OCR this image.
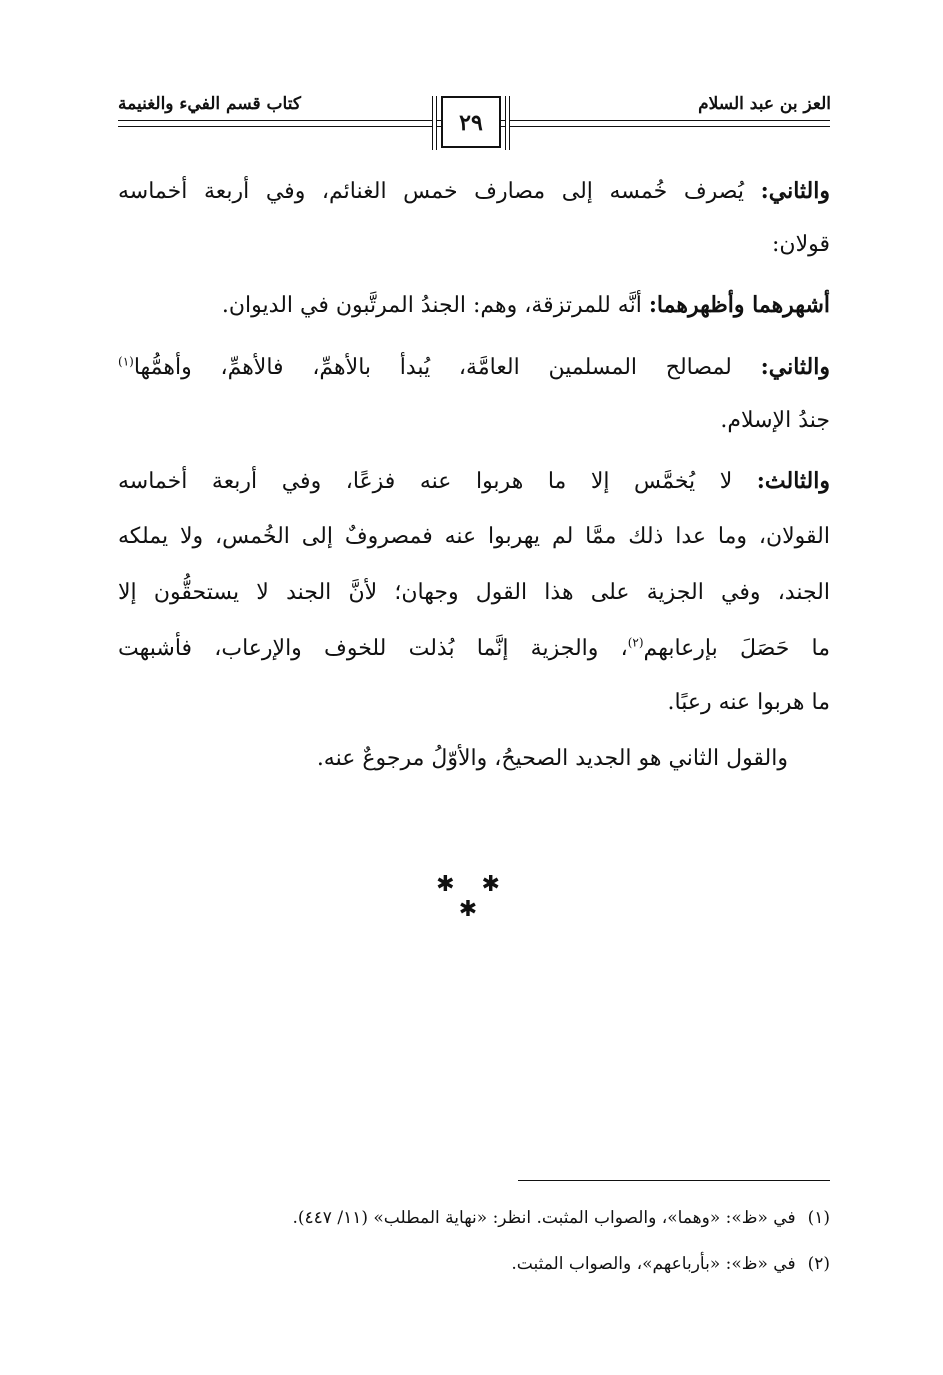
العز بن عبد السلام
كتاب قسم الفيء والغنيمة
٢٩
والثاني: يُصرف خُمسه إلى مصارف خمس الغنائم، وفي أربعة أخماسه
قولان:
أشهرهما وأظهرهما: أنَّه للمرتزقة، وهم: الجندُ المرتَّبون في الديوان.
والثاني: لمصالح المسلمين العامَّة، يُبدأ بالأهمِّ، فالأهمِّ، وأهمُّها$^{(١)}$
جندُ الإسلام.
والثالث: لا يُخمَّس إلا ما هربوا عنه فزعًا، وفي أربعة أخماسه
القولان، وما عدا ذلك ممَّا لم يهربوا عنه فمصروفٌ إلى الخُمس، ولا يملكه
الجند، وفي الجزية على هذا القول وجهان؛ لأنَّ الجند لا يستحقُّون إلا
ما حَصَلَ بإرعابهم$^{(٢)}$، والجزية إنَّما بُذلت للخوف والإرعاب، فأشبهت
ما هربوا عنه رعبًا.
والقول الثاني هو الجديد الصحيحُ، والأوّلُ مرجوعٌ عنه.
✱ ✱ ✱
(١)في «ظ»: «وهما»، والصواب المثبت. انظر: «نهاية المطلب» (١١/ ٤٤٧).
(٢)في «ظ»: «بأرباعهم»، والصواب المثبت.
